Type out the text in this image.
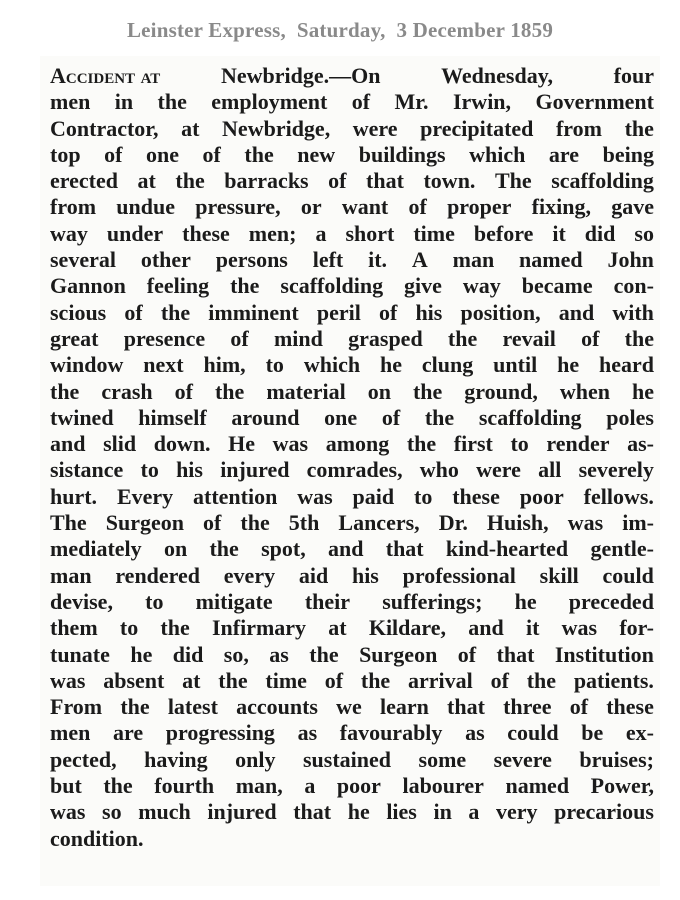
Leinster Express,  Saturday,  3 December 1859
Accident at	Newbridge.—On	Wednesday,	four
men in the employment of Mr. Irwin, Government
Contractor, at Newbridge, were precipitated from the
top of one of the new buildings which are being
erected at the barracks of that town. The scaffolding
from undue pressure, or want of proper fixing, gave
way under these men; a short time before it did so
several other persons left it. A man named John
Gannon feeling the scaffolding give way became con-
scious of the imminent peril of his position, and with
great presence of mind grasped the revail of the
window next him, to which he clung until he heard
the crash of the material on the ground, when he
twined himself around one of the scaffolding poles
and slid down. He was among the first to render as-
sistance to his injured comrades, who were all severely
hurt. Every attention was paid to these poor fellows.
The Surgeon of the 5th Lancers, Dr. Huish, was im-
mediately on the spot, and that kind-hearted gentle-
man rendered every aid his professional skill could
devise, to mitigate their sufferings; he preceded
them to the Infirmary at Kildare, and it was for-
tunate he did so, as the Surgeon of that Institution
was absent at the time of the arrival of the patients.
From the latest accounts we learn that three of these
men are progressing as favourably as could be ex-
pected, having only sustained some severe bruises;
but the fourth man, a poor labourer named Power,
was so much injured that he lies in a very precarious
condition.
